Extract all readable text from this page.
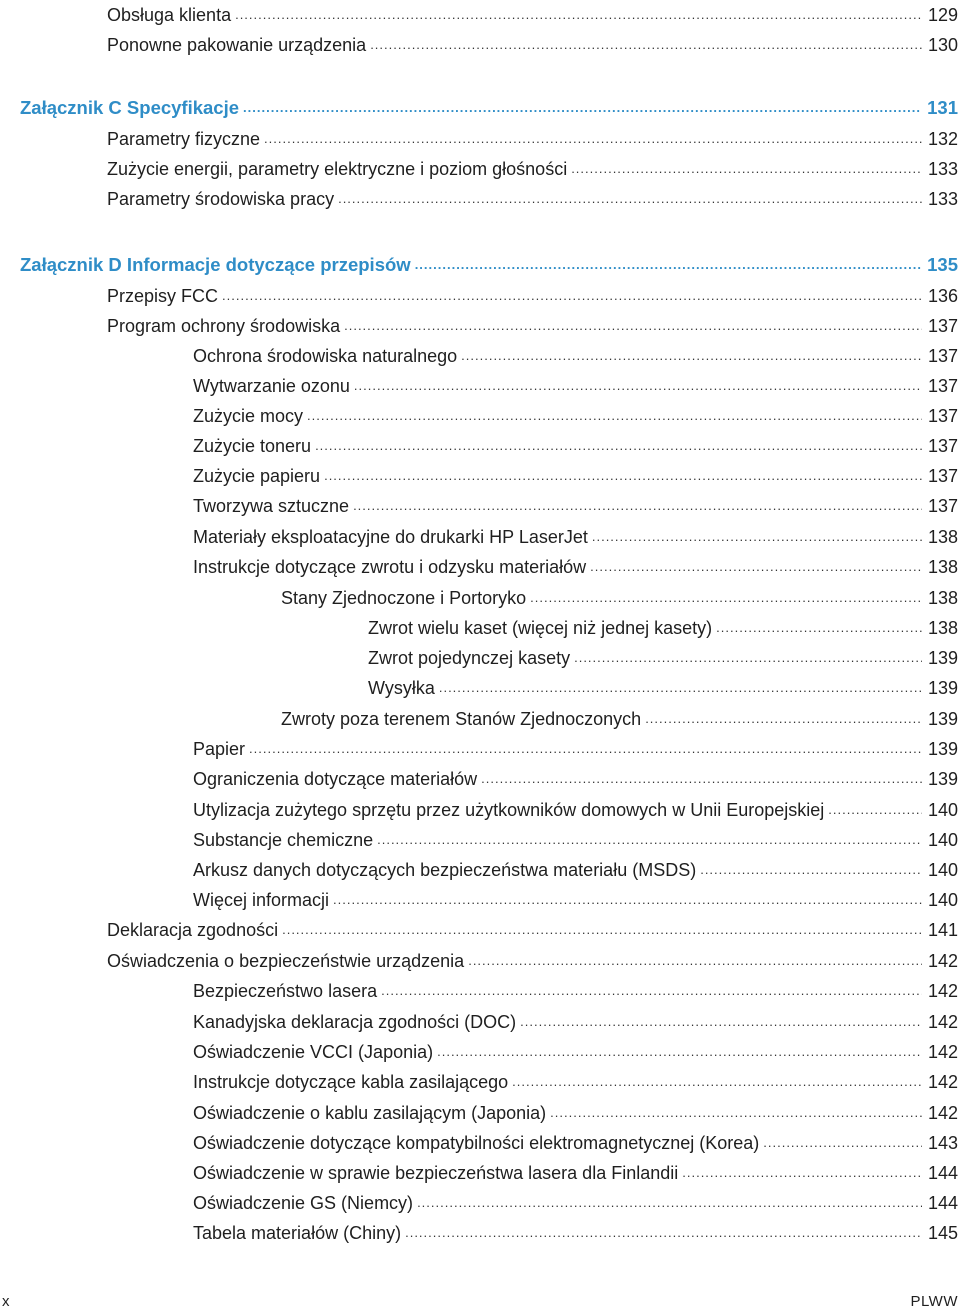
Obsługa klienta .....	129
Ponowne pakowanie urządzenia .....	130
Załącznik C Specyfikacje .....	131
Parametry fizyczne .....	132
Zużycie energii, parametry elektryczne i poziom głośności .....	133
Parametry środowiska pracy .....	133
Załącznik D Informacje dotyczące przepisów .....	135
Przepisy FCC .....	136
Program ochrony środowiska .....	137
Ochrona środowiska naturalnego .....	137
Wytwarzanie ozonu .....	137
Zużycie mocy .....	137
Zużycie toneru .....	137
Zużycie papieru .....	137
Tworzywa sztuczne .....	137
Materiały eksploatacyjne do drukarki HP LaserJet .....	138
Instrukcje dotyczące zwrotu i odzysku materiałów .....	138
Stany Zjednoczone i Portoryko .....	138
Zwrot wielu kaset (więcej niż jednej kasety) .....	138
Zwrot pojedynczej kasety .....	139
Wysyłka .....	139
Zwroty poza terenem Stanów Zjednoczonych .....	139
Papier .....	139
Ograniczenia dotyczące materiałów .....	139
Utylizacja zużytego sprzętu przez użytkowników domowych w Unii Europejskiej .....	140
Substancje chemiczne .....	140
Arkusz danych dotyczących bezpieczeństwa materiału (MSDS) .....	140
Więcej informacji .....	140
Deklaracja zgodności .....	141
Oświadczenia o bezpieczeństwie urządzenia .....	142
Bezpieczeństwo lasera .....	142
Kanadyjska deklaracja zgodności (DOC) .....	142
Oświadczenie VCCI (Japonia) .....	142
Instrukcje dotyczące kabla zasilającego .....	142
Oświadczenie o kablu zasilającym (Japonia) .....	142
Oświadczenie dotyczące kompatybilności elektromagnetycznej (Korea) .....	143
Oświadczenie w sprawie bezpieczeństwa lasera dla Finlandii .....	144
Oświadczenie GS (Niemcy) .....	144
Tabela materiałów (Chiny) .....	145
x	PLWW
